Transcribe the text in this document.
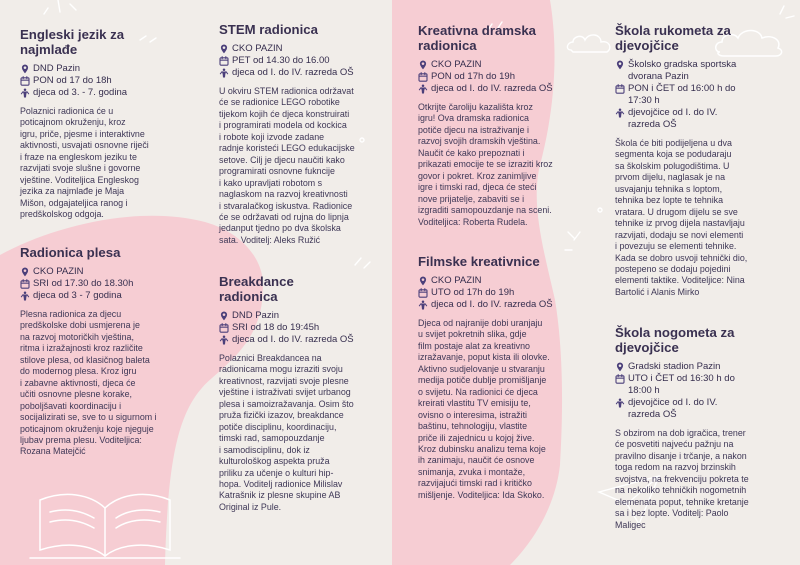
Engleski jezik za
najmlađe
DND Pazin
PON od 17 do 18h
djeca od 3. - 7. godina

Polaznici radionica će u
poticajnom okruženju, kroz
igru, priče, pjesme i interaktivne
aktivnosti, usvajati osnovne riječi
i fraze na engleskom jeziku te
razvijati svoje slušne i govorne
vještine. Voditeljica Engleskog
jezika za najmlađe je Maja
Mišon, odgajateljica ranog i
predškolskog odgoja.

Radionica plesa
CKO PAZIN
SRI od 17.30 do 18.30h
djeca od 3 - 7 godina

Plesna radionica za djecu
predškolske dobi usmjerena je
na razvoj motoričkih vještina,
ritma i izražajnosti kroz različite
stilove plesa, od klasičnog baleta
do modernog plesa. Kroz igru
i zabavne aktivnosti, djeca će
učiti osnovne plesne korake,
poboljšavati koordinaciju i
socijalizirati se, sve to u sigurnom i
poticajnom okruženju koje njeguje
ljubav prema plesu. Voditeljica:
Rozana Matejčić

STEM radionica
CKO PAZIN
PET od 14.30 do 16.00
djeca od I. do IV. razreda OŠ

U okviru STEM radionica održavat
će se radionice LEGO robotike
tijekom kojih će djeca konstruirati
i programirati modela od kockica
i robote koji izvode zadane
radnje koristeći LEGO edukacijske
setove. Cilj je djecu naučiti kako
programirati osnovne fukncije
i kako upravljati robotom s
naglaskom na razvoj kreativnosti
i stvaralačkog iskustva. Radionice
će se održavati od rujna do lipnja
jedanput tjedno po dva školska
sata. Voditelj: Aleks Ružić

Breakdance
radionica
DND Pazin
SRI od 18 do 19:45h
djeca od I. do IV. razreda OŠ

Polaznici Breakdancea na
radionicama mogu izraziti svoju
kreativnost, razvijati svoje plesne
vještine i istraživati svijet urbanog
plesa i samoizražavanja. Osim što
pruža fizički izazov, breakdance
potiče disciplinu, koordinaciju,
timski rad, samopouzdanje
i samodisciplinu, dok iz
kulturološkog aspekta pruža
priliku za učenje o kulturi hip-
hopa. Voditelj radionice Milislav
Katrašnik iz plesne skupine AB
Original iz Pule.

Kreativna dramska
radionica
CKO PAZIN
PON od 17h do 19h
djeca od I. do IV. razreda OŠ

Otkrijte čaroliju kazališta kroz
igru! Ova dramska radionica
potiče djecu na istraživanje i
razvoj svojih dramskih vještina.
Naučit će kako prepoznati i
prikazati emocije te se izraziti kroz
govor i pokret. Kroz zanimljive
igre i timski rad, djeca će steći
nove prijatelje, zabaviti se i
izgraditi samopouzdanje na sceni.
Voditeljica: Roberta Rudela.

Filmske kreativnice
CKO PAZIN
UTO od 17h do 19h
djeca od I. do IV. razreda OŠ

Djeca od najranije dobi uranjaju
u svijet pokretnih slika, gdje
film postaje alat za kreativno
izražavanje, poput kista ili olovke.
Aktivno sudjelovanje u stvaranju
medija potiče dublje promišljanje
o svijetu. Na radionici će djeca
kreirati vlastitu TV emisiju te,
ovisno o interesima, istražiti
baštinu, tehnologiju, vlastite
priče ili zajednicu u kojoj žive.
Kroz dubinsku analizu tema koje
ih zanimaju, naučit će osnove
snimanja, zvuka i montaže,
razvijajući timski rad i kritičko
mišljenje. Voditeljica: Ida Skoko.

Škola rukometa za
djevojčice
Školsko gradska sportska
dvorana Pazin
PON i ČET od 16:00 h do
17:30 h
djevojčice od I. do IV.
razreda OŠ

Škola će biti podijeljena u dva
segmenta koja se podudaraju
sa školskim polugodištima. U
prvom dijelu, naglasak je na
usvajanju tehnika s loptom,
tehnika bez lopte te tehnika
vratara. U drugom dijelu se sve
tehnike iz prvog dijela nastavljaju
razvijati, dodaju se novi elementi
i povezuju se elementi tehnike.
Kada se dobro usvoji tehnički dio,
postepeno se dodaju pojedini
elementi taktike. Voditeljice: Nina
Bartolić i Alanis Mirko

Škola nogometa za
djevojčice
Gradski stadion Pazin
UTO i ČET od 16:30 h do
18:00 h
djevojčice od I. do IV.
razreda OŠ

S obzirom na dob igračica, trener
će posvetiti najveću pažnju na
pravilno disanje i trčanje, a nakon
toga redom na razvoj brzinskih
svojstva, na frekvenciju pokreta te
na nekoliko tehničkih nogometnih
elemenata poput, tehnike kretanje
sa i bez lopte. Voditelj: Paolo
Maligec
